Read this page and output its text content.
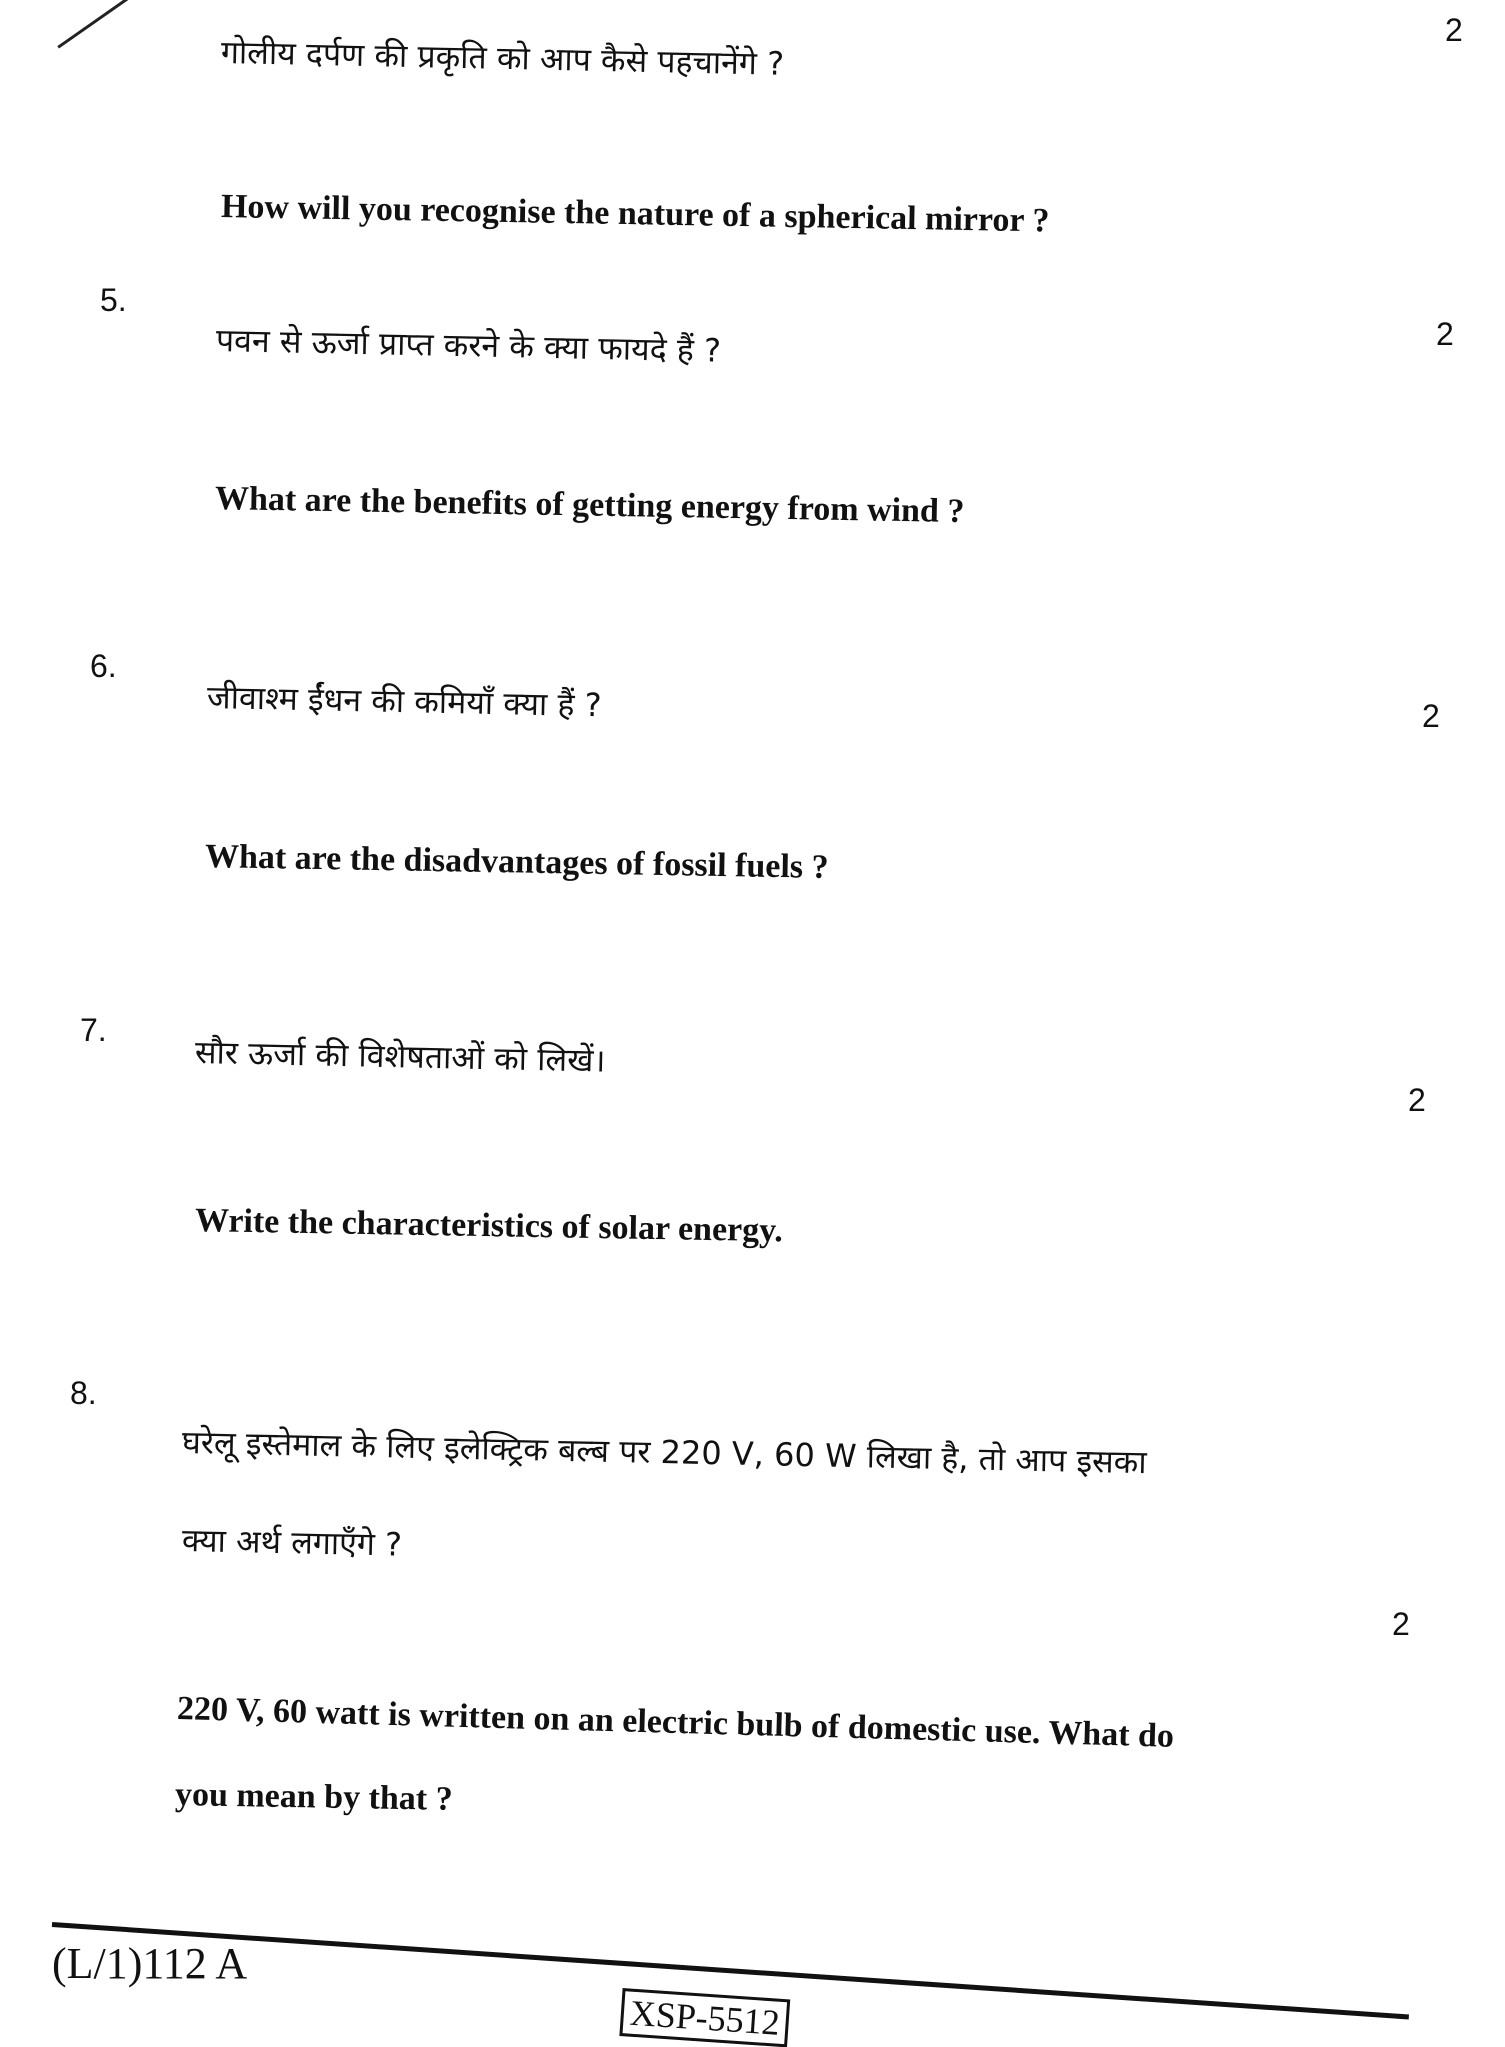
गोलीय दर्पण की प्रकृति को आप कैसे पहचानेंगे ?
2
How will you recognise the nature of a spherical mirror ?
5.
पवन से ऊर्जा प्राप्त करने के क्या फायदे हैं ?	2
What are the benefits of getting energy from wind ?
6.
जीवाश्म ईंधन की कमियाँ क्या हैं ?	2
What are the disadvantages of fossil fuels ?
7.
सौर ऊर्जा की विशेषताओं को लिखें।
2
Write the characteristics of solar energy.
8.
घरेलू इस्तेमाल के लिए इलेक्ट्रिक बल्ब पर 220 V, 60 W लिखा है, तो आप इसका
क्या अर्थ लगाएँगे ?
2
220 V, 60 watt is written on an electric bulb of domestic use. What do
you mean by that ?
(L/1)112 A
XSP-5512
